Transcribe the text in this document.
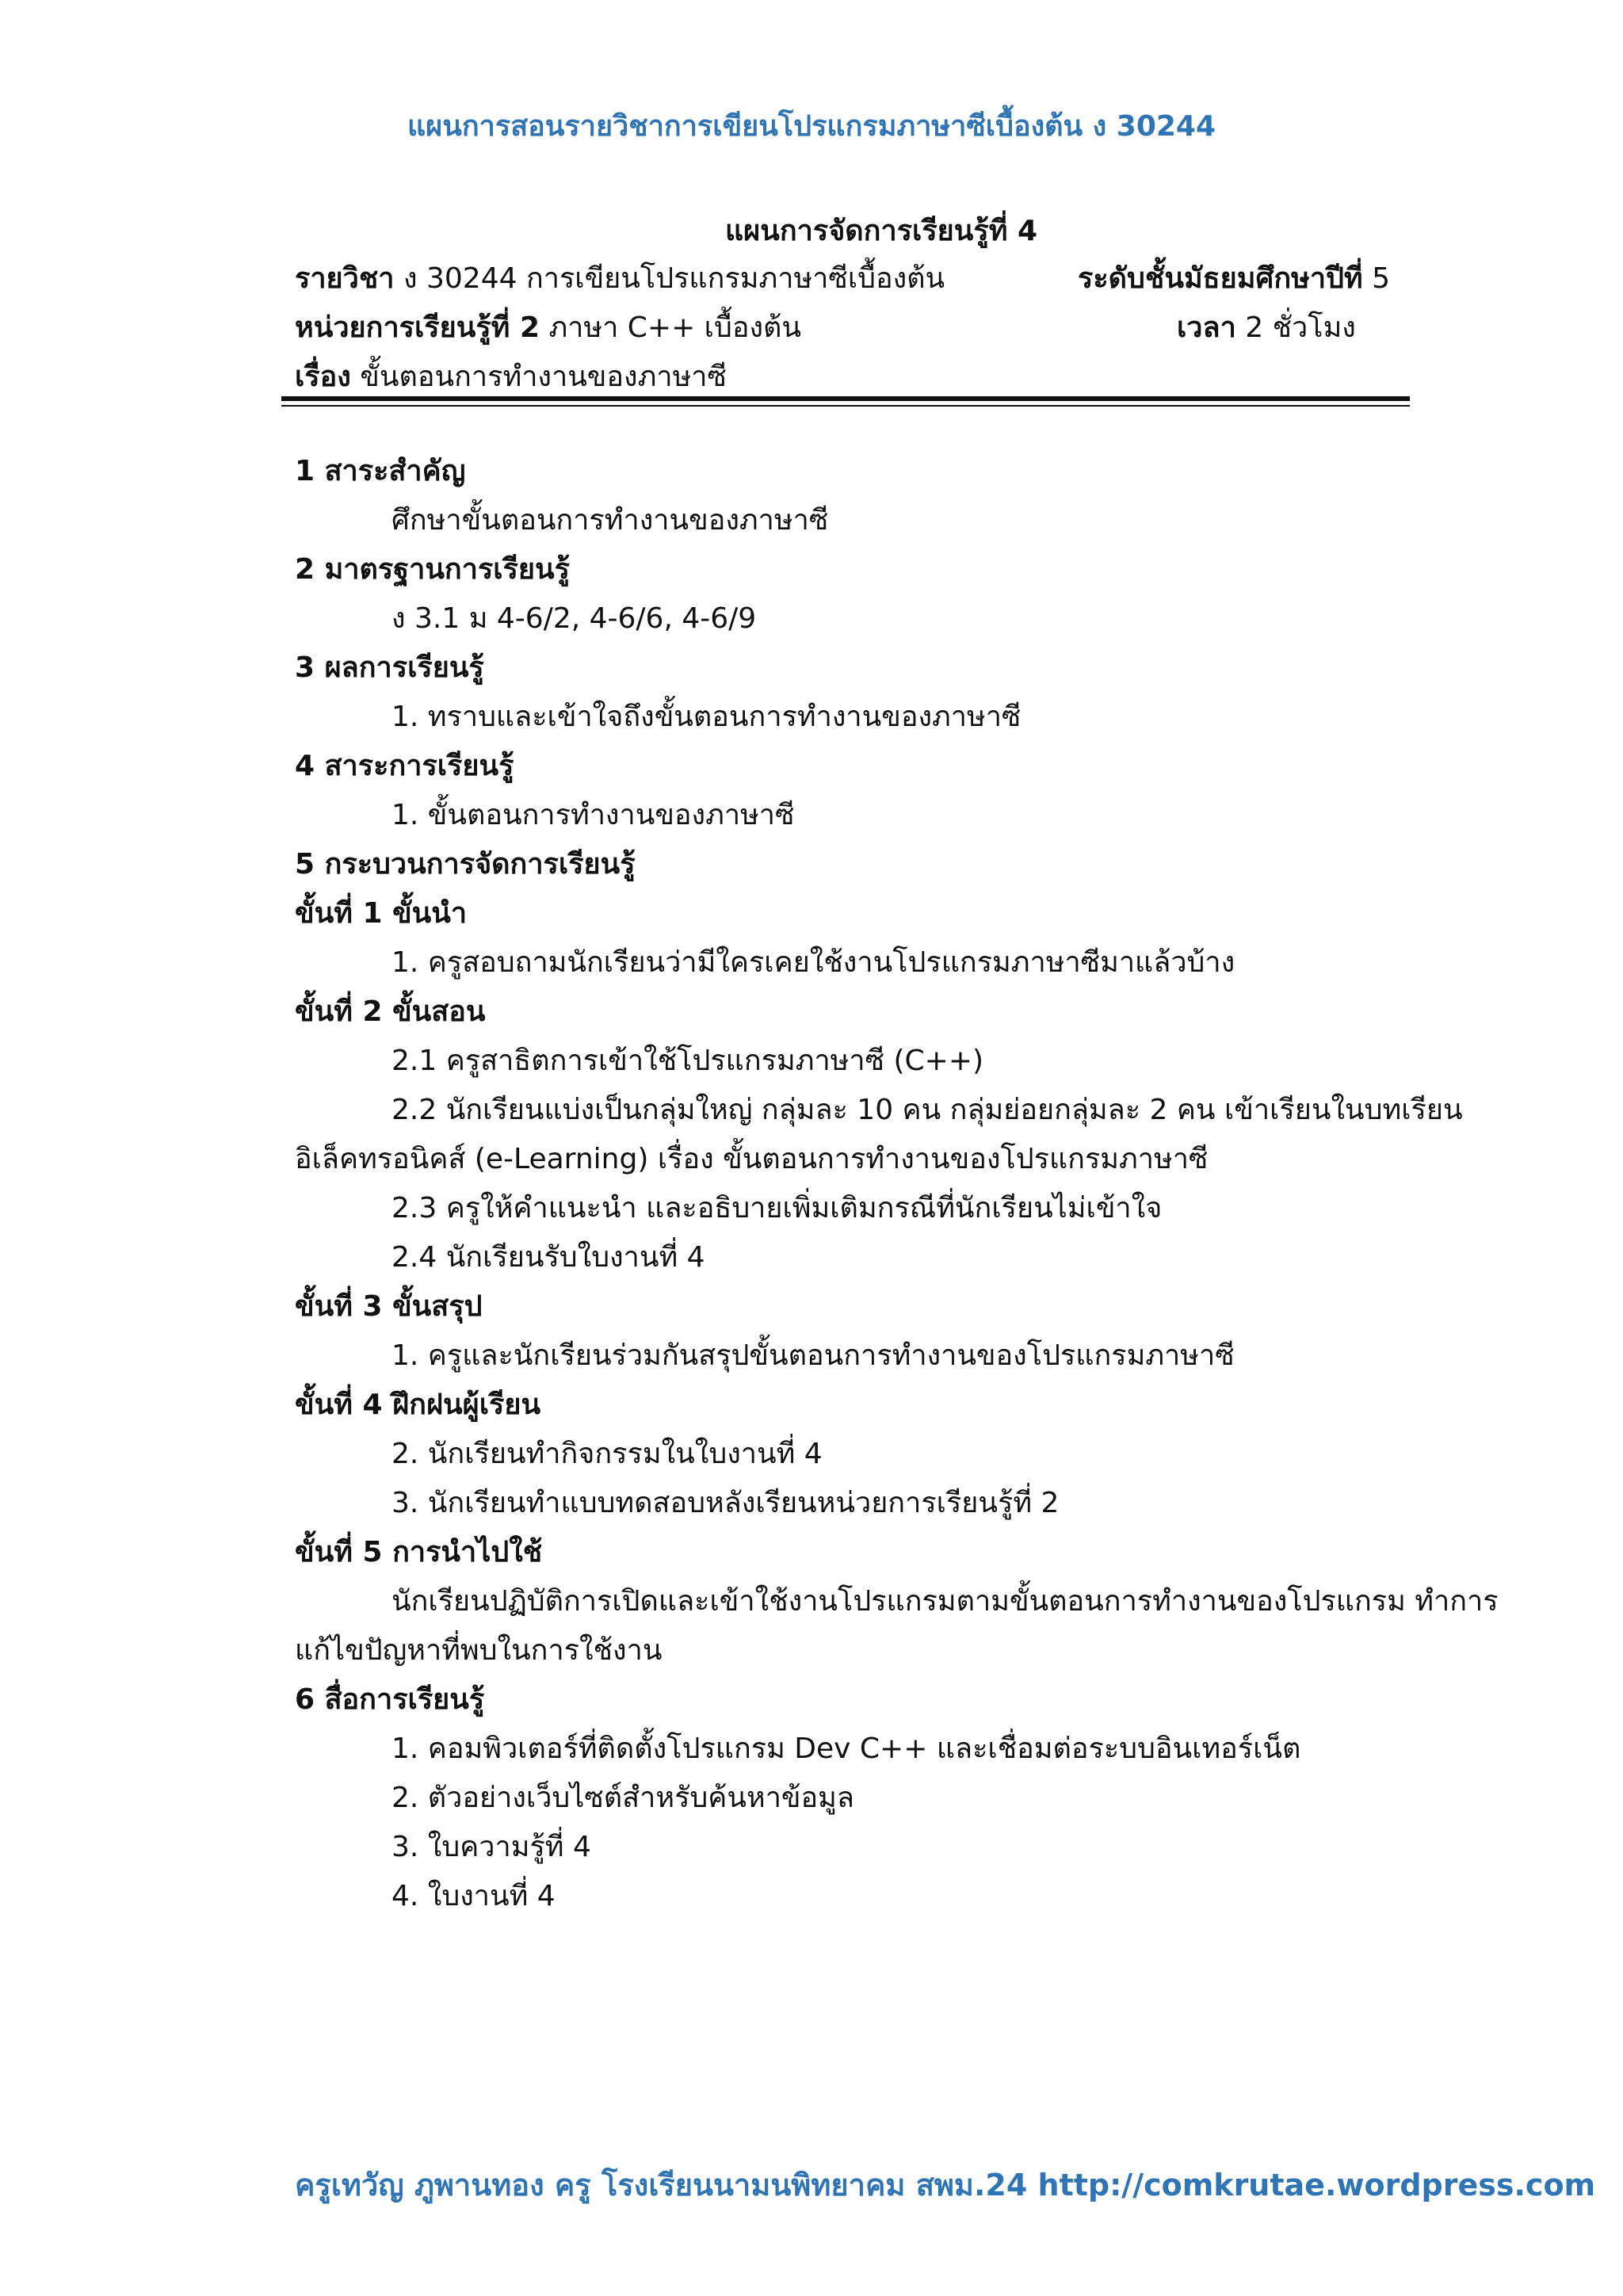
แผนการสอนรายวิชาการเขียนโปรแกรมภาษาซีเบื้องต้น ง 30244
แผนการจัดการเรียนรู้ที่ 4
รายวิชา ง 30244 การเขียนโปรแกรมภาษาซีเบื้องต้น	ระดับชั้นมัธยมศึกษาปีที่ 5
หน่วยการเรียนรู้ที่ 2 ภาษา C++ เบื้องต้น	เวลา 2 ชั่วโมง
เรื่อง ขั้นตอนการทำงานของภาษาซี
1 สาระสำคัญ
ศึกษาขั้นตอนการทำงานของภาษาซี
2 มาตรฐานการเรียนรู้
ง 3.1 ม 4-6/2, 4-6/6, 4-6/9
3 ผลการเรียนรู้
1. ทราบและเข้าใจถึงขั้นตอนการทำงานของภาษาซี
4 สาระการเรียนรู้
1. ขั้นตอนการทำงานของภาษาซี
5 กระบวนการจัดการเรียนรู้
ขั้นที่ 1 ขั้นนำ
1. ครูสอบถามนักเรียนว่ามีใครเคยใช้งานโปรแกรมภาษาซีมาแล้วบ้าง
ขั้นที่ 2 ขั้นสอน
2.1 ครูสาธิตการเข้าใช้โปรแกรมภาษาซี (C++)
2.2 นักเรียนแบ่งเป็นกลุ่มใหญ่ กลุ่มละ 10 คน กลุ่มย่อยกลุ่มละ 2 คน เข้าเรียนในบทเรียน
อิเล็คทรอนิคส์ (e-Learning) เรื่อง ขั้นตอนการทำงานของโปรแกรมภาษาซี
2.3 ครูให้คำแนะนำ และอธิบายเพิ่มเติมกรณีที่นักเรียนไม่เข้าใจ
2.4 นักเรียนรับใบงานที่ 4
ขั้นที่ 3 ขั้นสรุป
1. ครูและนักเรียนร่วมกันสรุปขั้นตอนการทำงานของโปรแกรมภาษาซี
ขั้นที่ 4 ฝึกฝนผู้เรียน
2. นักเรียนทำกิจกรรมในใบงานที่ 4
3. นักเรียนทำแบบทดสอบหลังเรียนหน่วยการเรียนรู้ที่ 2
ขั้นที่ 5 การนำไปใช้
นักเรียนปฏิบัติการเปิดและเข้าใช้งานโปรแกรมตามขั้นตอนการทำงานของโปรแกรม ทำการ
แก้ไขปัญหาที่พบในการใช้งาน
6 สื่อการเรียนรู้
1. คอมพิวเตอร์ที่ติดตั้งโปรแกรม Dev C++ และเชื่อมต่อระบบอินเทอร์เน็ต
2. ตัวอย่างเว็บไซต์สำหรับค้นหาข้อมูล
3. ใบความรู้ที่ 4
4. ใบงานที่ 4
ครูเทวัญ ภูพานทอง ครู โรงเรียนนามนพิทยาคม สพม.24 http://comkrutae.wordpress.com
